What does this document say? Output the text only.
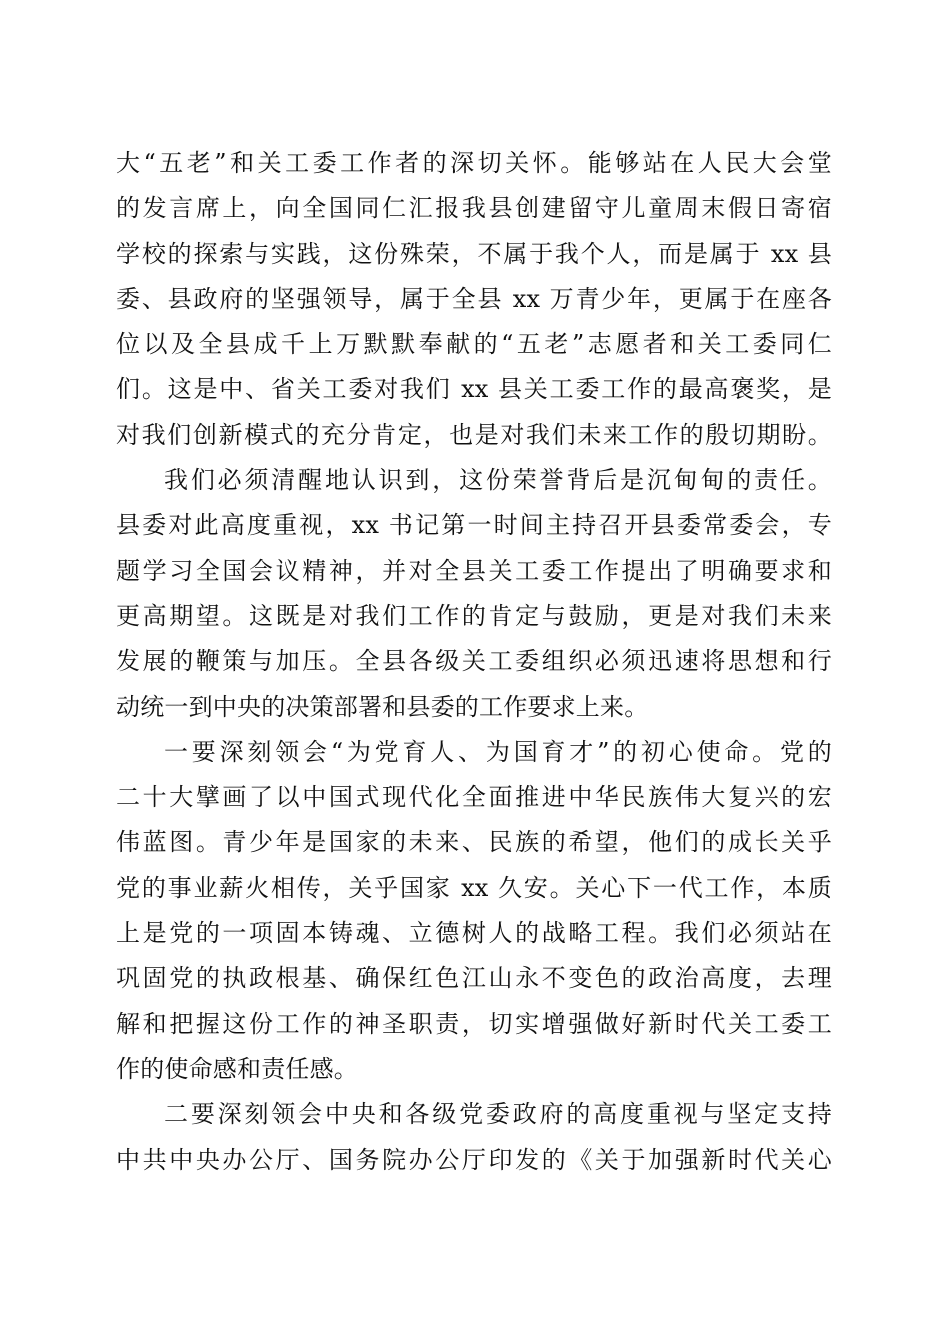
大“五老”和关工委工作者的深切关怀。能够站在人民大会堂
的发言席上，向全国同仁汇报我县创建留守儿童周末假日寄宿
学校的探索与实践，这份殊荣，不属于我个人，而是属于 xx 县
委、县政府的坚强领导，属于全县 xx 万青少年，更属于在座各
位以及全县成千上万默默奉献的“五老”志愿者和关工委同仁
们。这是中、省关工委对我们 xx 县关工委工作的最高褒奖，是
对我们创新模式的充分肯定，也是对我们未来工作的殷切期盼。

我们必须清醒地认识到，这份荣誉背后是沉甸甸的责任。
县委对此高度重视，xx 书记第一时间主持召开县委常委会，专
题学习全国会议精神，并对全县关工委工作提出了明确要求和
更高期望。这既是对我们工作的肯定与鼓励，更是对我们未来
发展的鞭策与加压。全县各级关工委组织必须迅速将思想和行
动统一到中央的决策部署和县委的工作要求上来。

一要深刻领会“为党育人、为国育才”的初心使命。党的
二十大擘画了以中国式现代化全面推进中华民族伟大复兴的宏
伟蓝图。青少年是国家的未来、民族的希望，他们的成长关乎
党的事业薪火相传，关乎国家 xx 久安。关心下一代工作，本质
上是党的一项固本铸魂、立德树人的战略工程。我们必须站在
巩固党的执政根基、确保红色江山永不变色的政治高度，去理
解和把握这份工作的神圣职责，切实增强做好新时代关工委工
作的使命感和责任感。

二要深刻领会中央和各级党委政府的高度重视与坚定支持
中共中央办公厅、国务院办公厅印发的《关于加强新时代关心
